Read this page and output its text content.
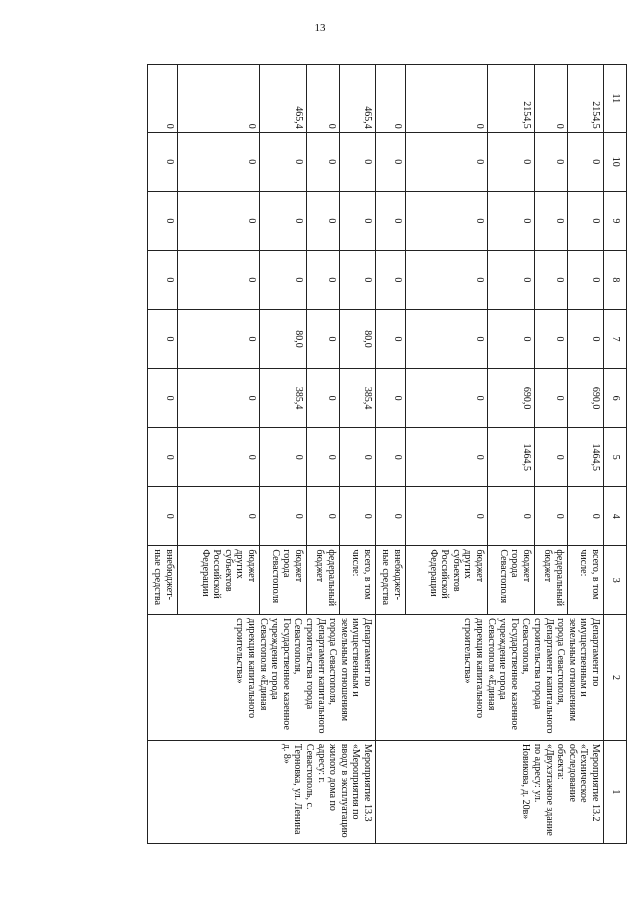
13
11	10	9	8	7	6	5	4	3	2	1
2154,5	0	0	0	0	690,0	1464,5	0	всего, в том числе:	Департамент по имущественным и земельным отношениям города Севастополя, Департамент капитального строительства города Севастополя, Государственное казенное учреждение города Севастополя «Единая дирекция капитального строительства»	Мероприятие 13.2 «Техническое обследование объекта: «Двухэтажное здание по адресу: ул. Новикова, д. 20в»
0	0	0	0	0	0	0	0	федеральный бюджет		
2154,5	0	0	0	0	690,0	1464,5	0	бюджет города Севастополя		
0	0	0	0	0	0	0	0	бюджет других субъектов Российской Федерации		
0	0	0	0	0	0	0	0	внебюджет-ные средства		
465,4	0	0	0	80,0	385,4	0	0	всего, в том числе:	Департамент по имущественным и земельным отношениям города Севастополя, Департамент капитального строительства города Севастополя, Государственное казенное учреждение города Севастополя «Единая дирекция капитального строительства»	Мероприятие 13.3 «Мероприятия по вводу в эксплуатацию жилого дома по адресу: г. Севастополь, с. Терновка, ул. Ленина д. 8»
0	0	0	0	0	0	0	0	федеральный бюджет		
465,4	0	0	0	80,0	385,4	0	0	бюджет города Севастополя		
0	0	0	0	0	0	0	0	бюджет других субъектов Российской Федерации		
0	0	0	0	0	0	0	0	внебюджет-ные средства		
